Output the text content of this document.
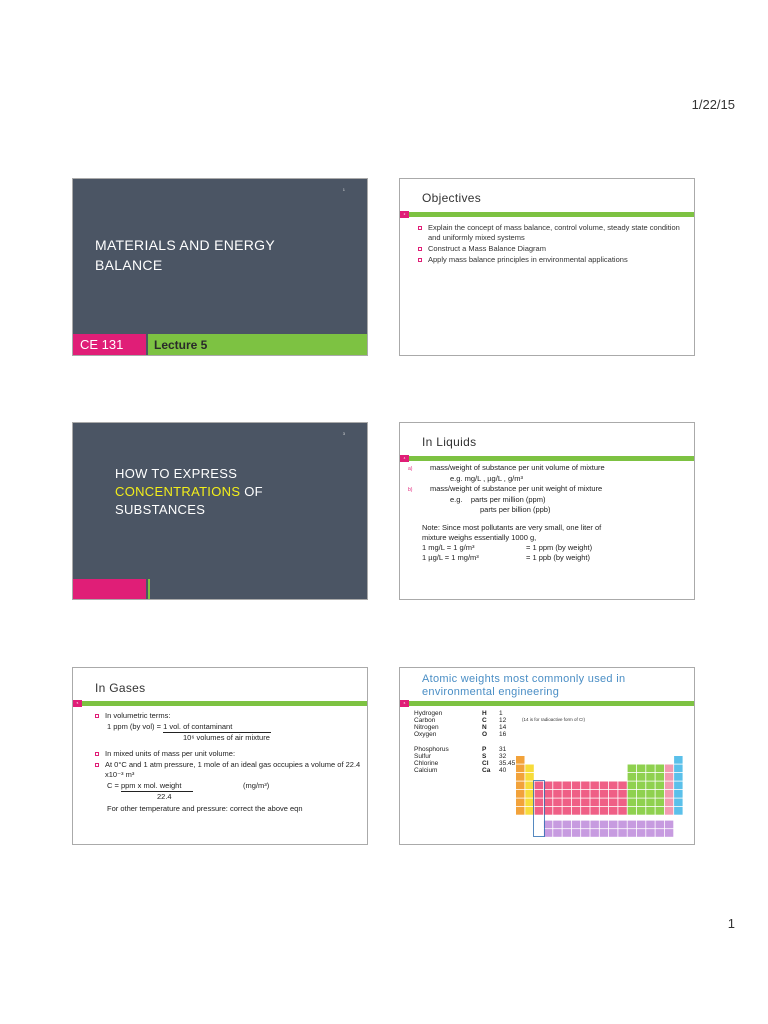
1/22/15
1
MATERIALS AND ENERGY BALANCE
CE 131	Lecture 5
Objectives
2
Explain the concept of mass balance, control volume, steady state condition and uniformly mixed systems
Construct a Mass Balance Diagram
Apply mass balance principles in environmental applications
3
HOW TO EXPRESS
CONCENTRATIONS OF
SUBSTANCES
In Liquids
4
a) mass/weight of substance per unit volume of mixture
e.g. mg/L , µg/L , g/m³
b) mass/weight of substance per unit weight of mixture
e.g. parts per million (ppm)
parts per billion (ppb)
Note: Since most pollutants are very small, one liter of
mixture weighs essentially 1000 g,
1 mg/L = 1 g/m³	= 1 ppm (by weight)
1 µg/L = 1 mg/m³	= 1 ppb (by weight)
In Gases
5
In volumetric terms:
1 ppm (by vol) = 1 vol. of contaminant
10⁶ volumes of air mixture
In mixed units of mass per unit volume:
At 0°C and 1 atm pressure, 1 mole of an ideal gas occupies a volume of 22.4 x10⁻³ m³
C = ppm x mol. weight	(mg/m³)
22.4
For other temperature and pressure: correct the above eqn
Atomic weights most commonly used in environmental engineering
6
Hydrogen	H 1
Carbon	C 12
Nitrogen	N 14
Oxygen	O 16
Phosphorus	P 31
Sulfur	S 32
Chlorine	Cl 35.45
Calcium	Ca 40
(14 is for radioactive form of C!)
1
